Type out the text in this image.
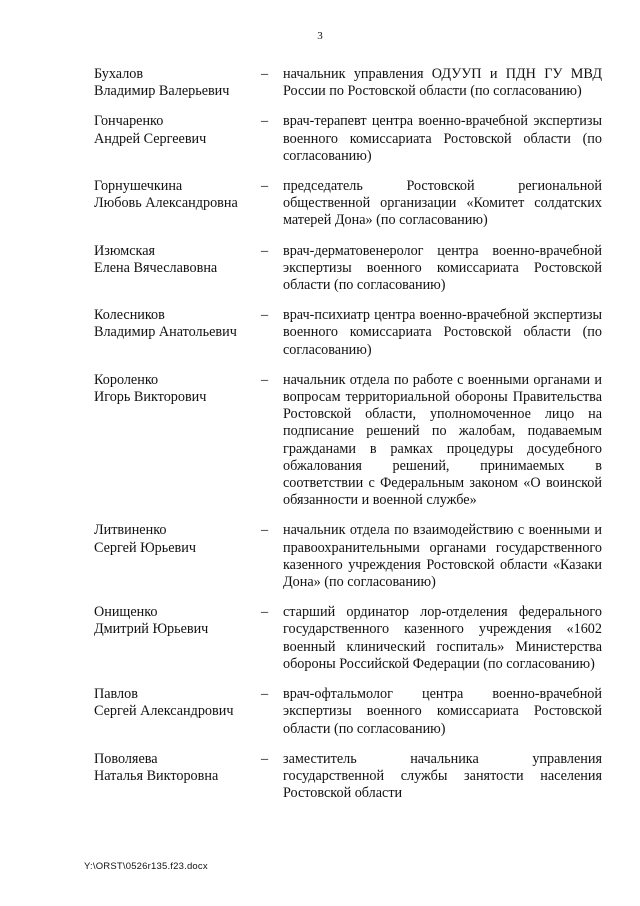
3
Бухалов
Владимир Валерьевич
–	начальник управления ОДУУП и ПДН ГУ МВД России по Ростовской области (по согласованию)
Гончаренко
Андрей Сергеевич
–	врач-терапевт центра военно-врачебной экспертизы военного комиссариата Ростовской области (по согласованию)
Горнушечкина
Любовь Александровна
–	председатель Ростовской региональной общественной организации «Комитет солдатских матерей Дона» (по согласованию)
Изюмская
Елена Вячеславовна
–	врач-дерматовенеролог центра военно-врачебной экспертизы военного комиссариата Ростовской области (по согласованию)
Колесников
Владимир Анатольевич
–	врач-психиатр центра военно-врачебной экспертизы военного комиссариата Ростовской области (по согласованию)
Короленко
Игорь Викторович
–	начальник отдела по работе с военными органами и вопросам территориальной обороны Правительства Ростовской области, уполномоченное лицо на подписание решений по жалобам, подаваемым гражданами в рамках процедуры досудебного обжалования решений, принимаемых в соответствии с Федеральным законом «О воинской обязанности и военной службе»
Литвиненко
Сергей Юрьевич
–	начальник отдела по взаимодействию с военными и правоохранительными органами государственного казенного учреждения Ростовской области «Казаки Дона» (по согласованию)
Онищенко
Дмитрий Юрьевич
–	старший ординатор лор-отделения федерального государственного казенного учреждения «1602 военный клинический госпиталь» Министерства обороны Российской Федерации (по согласованию)
Павлов
Сергей Александрович
–	врач-офтальмолог центра военно-врачебной экспертизы военного комиссариата Ростовской области (по согласованию)
Поволяева
Наталья Викторовна
–	заместитель начальника управления государственной службы занятости населения Ростовской области
Y:\ORST\0526r135.f23.docx
